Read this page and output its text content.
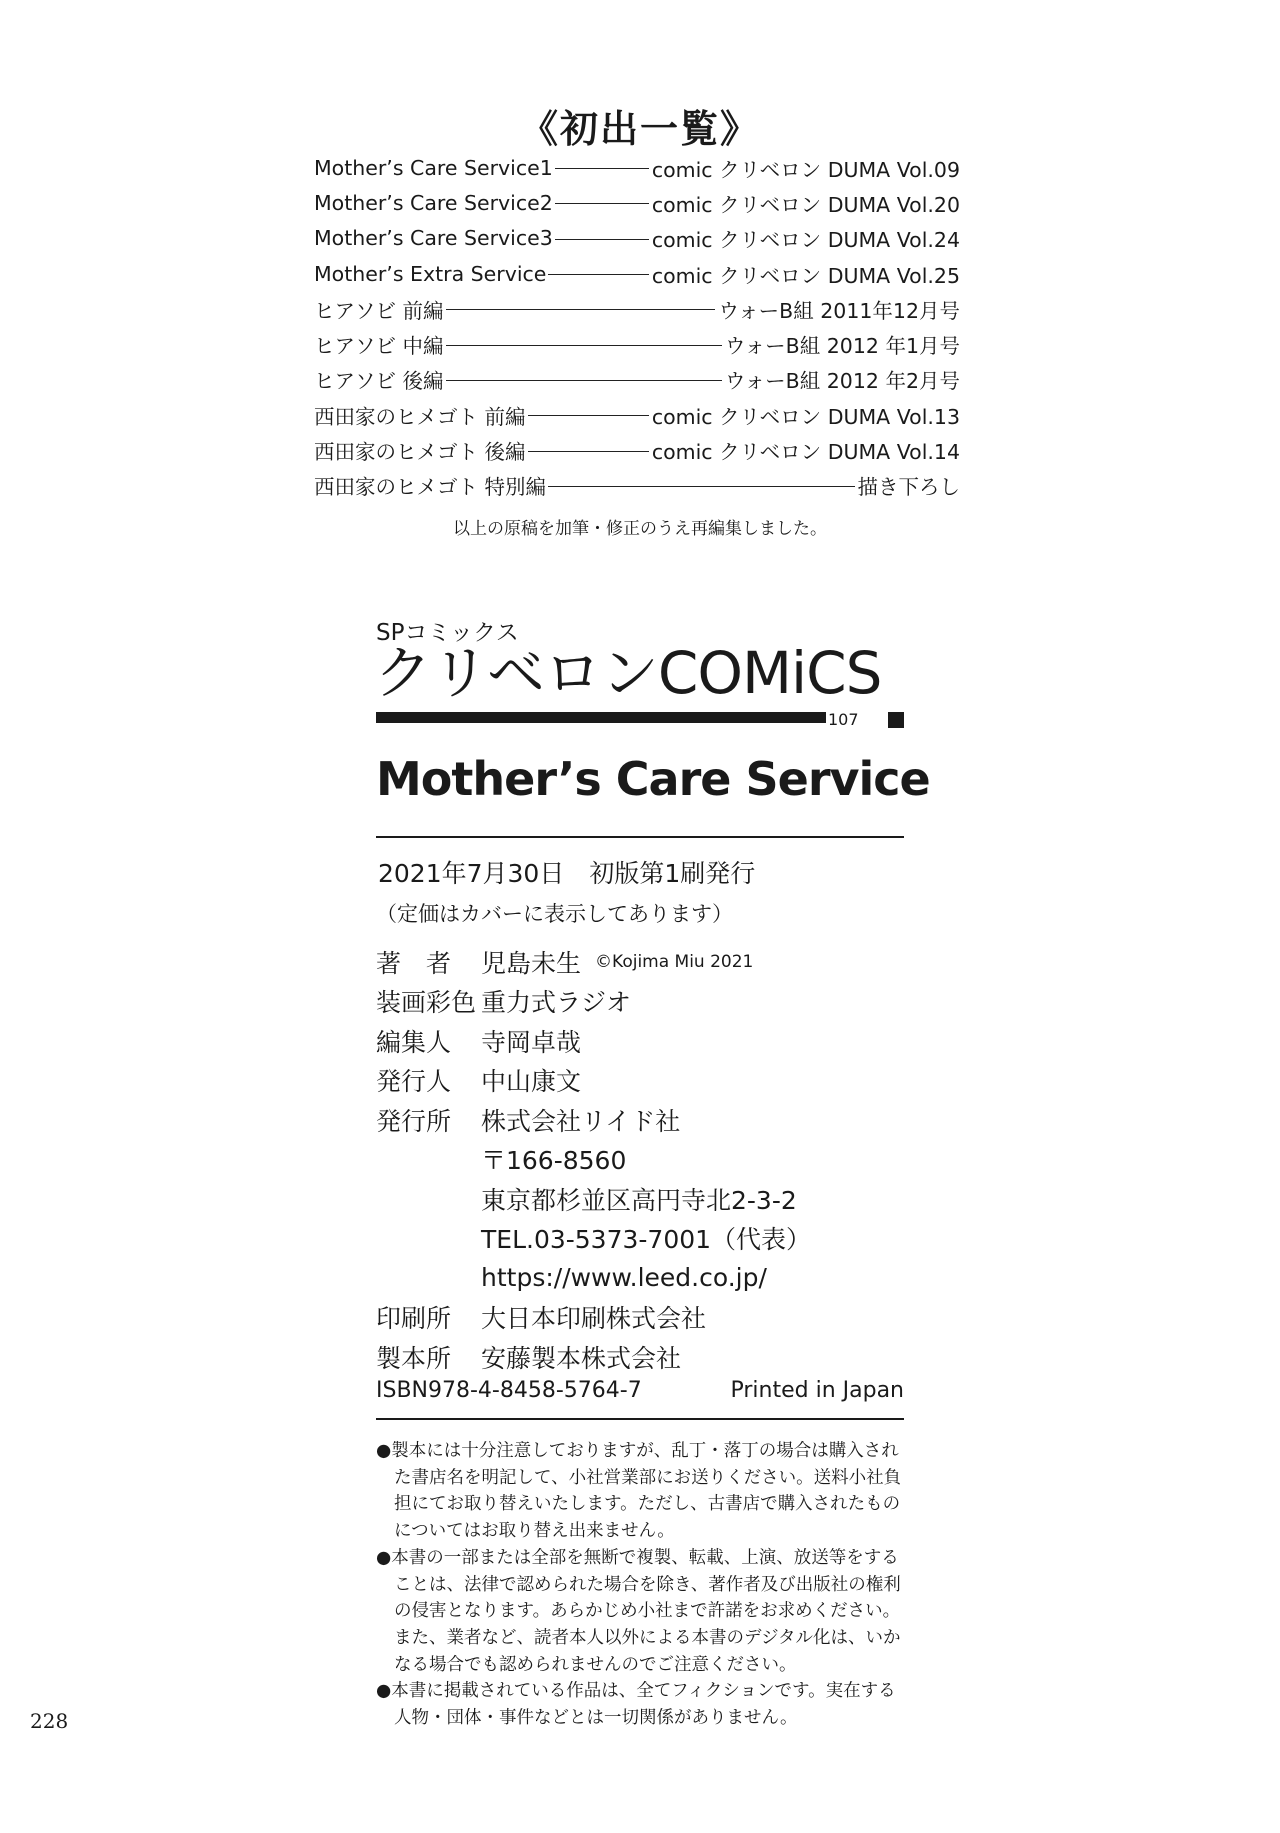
《初出一覧》
Mother’s Care Service1	comic クリベロン DUMA Vol.09
Mother’s Care Service2	comic クリベロン DUMA Vol.20
Mother’s Care Service3	comic クリベロン DUMA Vol.24
Mother’s Extra Service	comic クリベロン DUMA Vol.25
ヒアソビ 前編	ウォーB組 2011年12月号
ヒアソビ 中編	ウォーB組 2012 年1月号
ヒアソビ 後編	ウォーB組 2012 年2月号
西田家のヒメゴト 前編	comic クリベロン DUMA Vol.13
西田家のヒメゴト 後編	comic クリベロン DUMA Vol.14
西田家のヒメゴト 特別編	描き下ろし
以上の原稿を加筆・修正のうえ再編集しました。
SPコミックス
クリベロンCOMiCS
107
Mother’s Care Service
2021年7月30日　初版第1刷発行
（定価はカバーに表示してあります）
著　者	児島未生 ©Kojima Miu 2021
装画彩色 重力式ラジオ
編集人	寺岡卓哉
発行人	中山康文
発行所	株式会社リイド社
〒166-8560
東京都杉並区高円寺北2-3-2
TEL.03-5373-7001（代表）
https://www.leed.co.jp/
印刷所	大日本印刷株式会社
製本所	安藤製本株式会社
ISBN978-4-8458-5764-7	Printed in Japan
●製本には十分注意しておりますが、乱丁・落丁の場合は購入された書店名を明記して、小社営業部にお送りください。送料小社負担にてお取り替えいたします。ただし、古書店で購入されたものについてはお取り替え出来ません。
●本書の一部または全部を無断で複製、転載、上演、放送等をすることは、法律で認められた場合を除き、著作者及び出版社の権利の侵害となります。あらかじめ小社まで許諾をお求めください。また、業者など、読者本人以外による本書のデジタル化は、いかなる場合でも認められませんのでご注意ください。
●本書に掲載されている作品は、全てフィクションです。実在する人物・団体・事件などとは一切関係がありません。
228
